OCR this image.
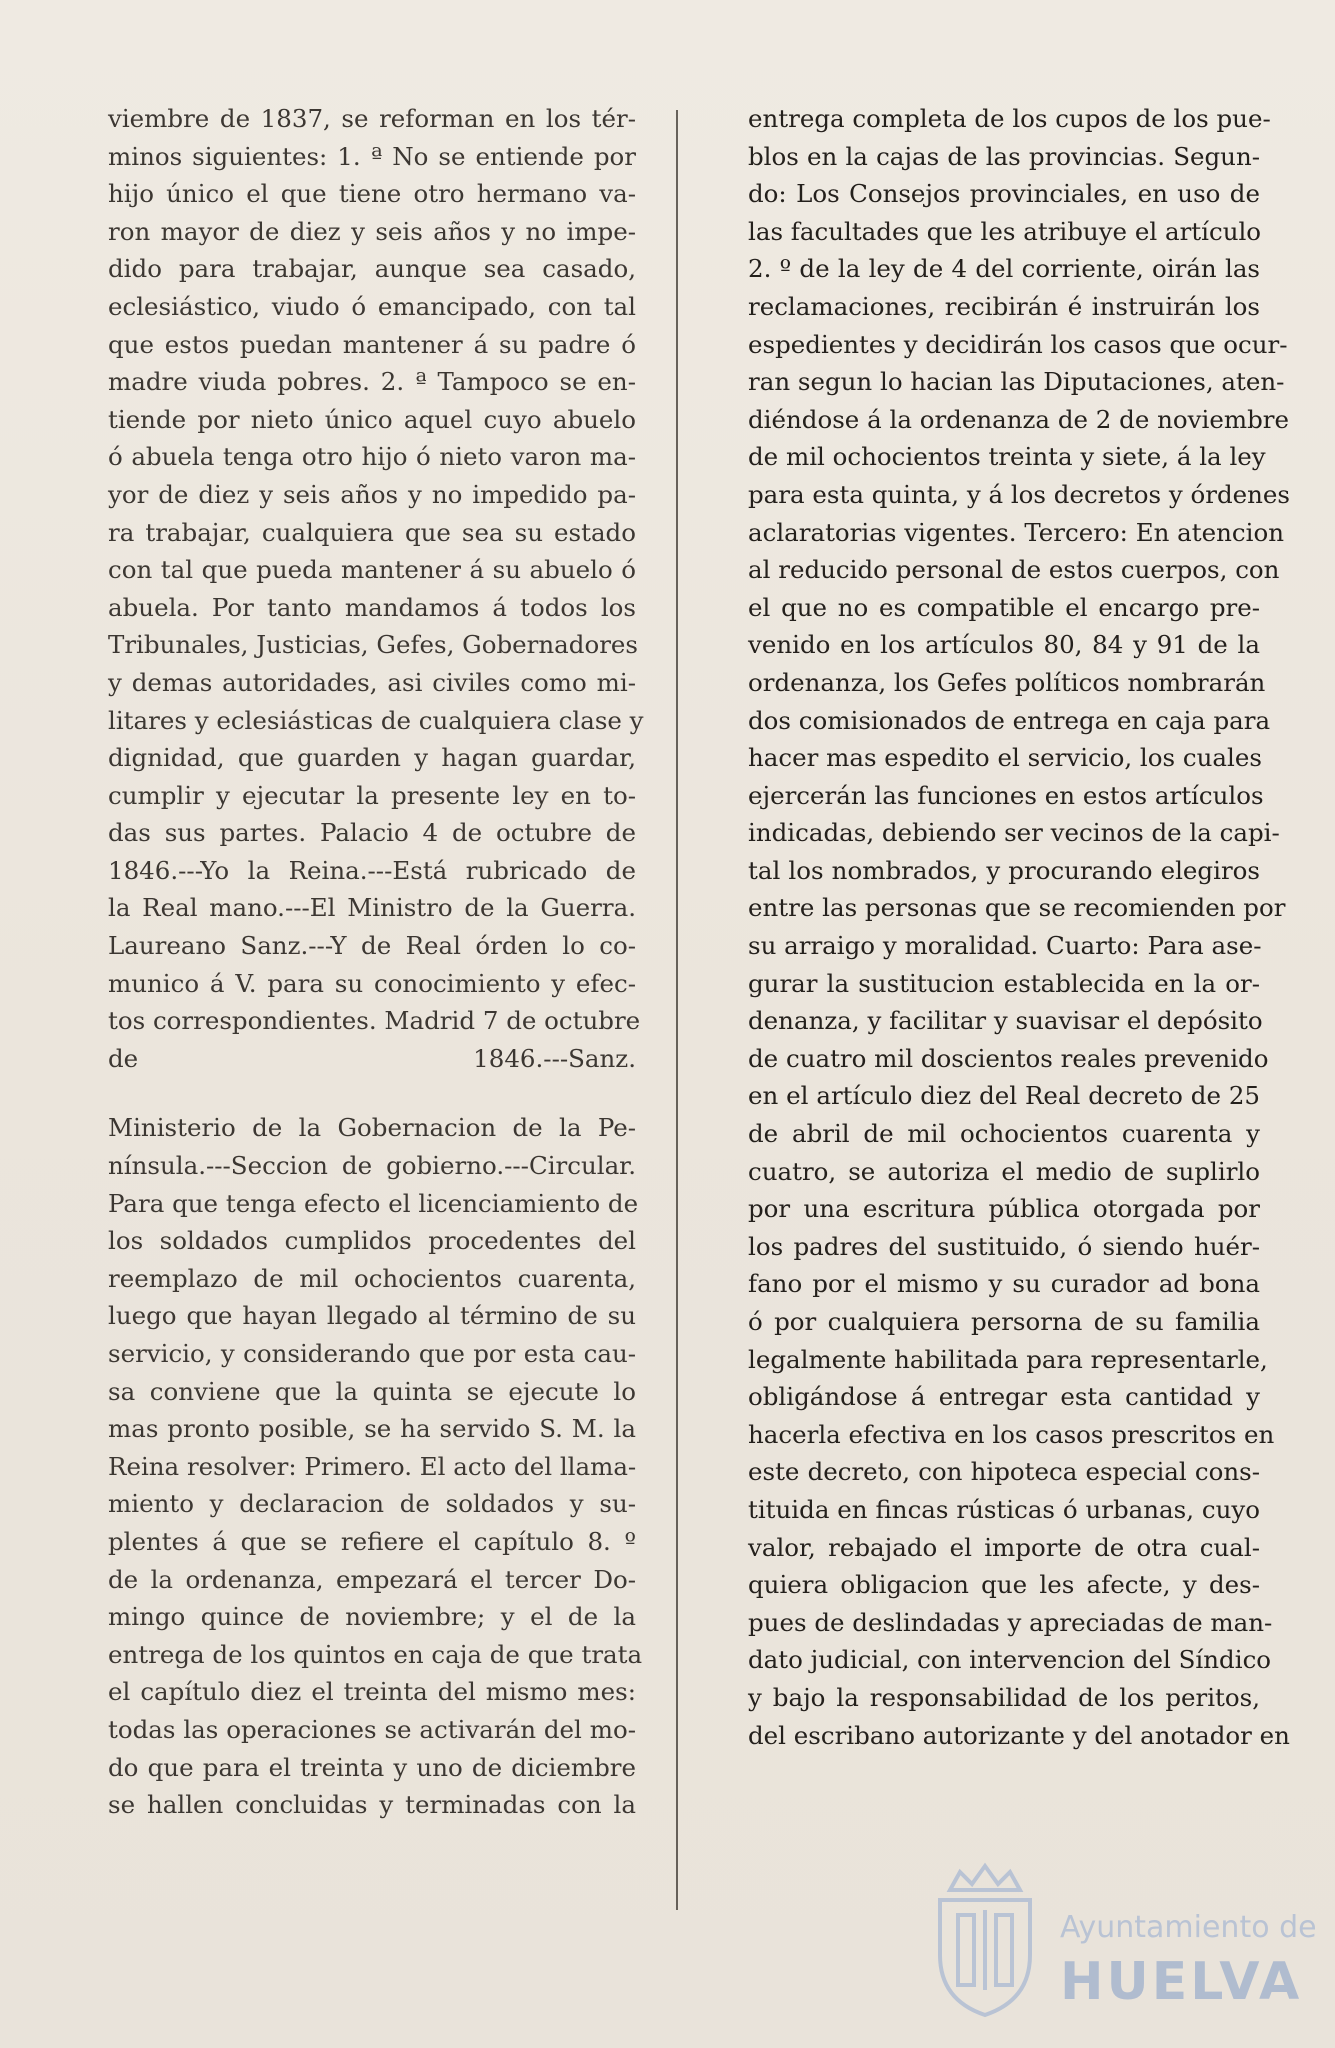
viembre de 1837, se reforman en los tér-

minos siguientes: 1. ª No se entiende por

hijo único el que tiene otro hermano va-

ron mayor de diez y seis años y no impe-

dido para trabajar, aunque sea casado,

eclesiástico, viudo ó emancipado, con tal

que estos puedan mantener á su padre ó

madre viuda pobres. 2. ª Tampoco se en-

tiende por nieto único aquel cuyo abuelo

ó abuela tenga otro hijo ó nieto varon ma-

yor de diez y seis años y no impedido pa-

ra trabajar, cualquiera que sea su estado

con tal que pueda mantener á su abuelo ó

abuela. Por tanto mandamos á todos los

Tribunales, Justicias, Gefes, Gobernadores

y demas autoridades, asi civiles como mi-

litares y eclesiásticas de cualquiera clase y

dignidad, que guarden y hagan guardar,

cumplir y ejecutar la presente ley en to-

das sus partes. Palacio 4 de octubre de

1846.---Yo la Reina.---Está rubricado de

la Real mano.---El Ministro de la Guerra.

Laureano Sanz.---Y de Real órden lo co-

munico á V. para su conocimiento y efec-

tos correspondientes. Madrid 7 de octubre

de 1846.---Sanz.

Ministerio de la Gobernacion de la Pe-

nínsula.---Seccion de gobierno.---Circular.

Para que tenga efecto el licenciamiento de

los soldados cumplidos procedentes del

reemplazo de mil ochocientos cuarenta,

luego que hayan llegado al término de su

servicio, y considerando que por esta cau-

sa conviene que la quinta se ejecute lo

mas pronto posible, se ha servido S. M. la

Reina resolver: Primero. El acto del llama-

miento y declaracion de soldados y su-

plentes á que se refiere el capítulo 8. º

de la ordenanza, empezará el tercer Do-

mingo quince de noviembre; y el de la

entrega de los quintos en caja de que trata

el capítulo diez el treinta del mismo mes:

todas las operaciones se activarán del mo-

do que para el treinta y uno de diciembre

se hallen concluidas y terminadas con la

entrega completa de los cupos de los pue-

blos en la cajas de las provincias. Segun-

do: Los Consejos provinciales, en uso de

las facultades que les atribuye el artículo

2. º de la ley de 4 del corriente, oirán las

reclamaciones, recibirán é instruirán los

espedientes y decidirán los casos que ocur-

ran segun lo hacian las Diputaciones, aten-

diéndose á la ordenanza de 2 de noviembre

de mil ochocientos treinta y siete, á la ley

para esta quinta, y á los decretos y órdenes

aclaratorias vigentes. Tercero: En atencion

al reducido personal de estos cuerpos, con

el que no es compatible el encargo pre-

venido en los artículos 80, 84 y 91 de la

ordenanza, los Gefes políticos nombrarán

dos comisionados de entrega en caja para

hacer mas espedito el servicio, los cuales

ejercerán las funciones en estos artículos

indicadas, debiendo ser vecinos de la capi-

tal los nombrados, y procurando elegiros

entre las personas que se recomienden por

su arraigo y moralidad. Cuarto: Para ase-

gurar la sustitucion establecida en la or-

denanza, y facilitar y suavisar el depósito

de cuatro mil doscientos reales prevenido

en el artículo diez del Real decreto de 25

de abril de mil ochocientos cuarenta y

cuatro, se autoriza el medio de suplirlo

por una escritura pública otorgada por

los padres del sustituido, ó siendo huér-

fano por el mismo y su curador ad bona

ó por cualquiera persorna de su familia

legalmente habilitada para representarle,

obligándose á entregar esta cantidad y

hacerla efectiva en los casos prescritos en

este decreto, con hipoteca especial cons-

tituida en fincas rústicas ó urbanas, cuyo

valor, rebajado el importe de otra cual-

quiera obligacion que les afecte, y des-

pues de deslindadas y apreciadas de man-

dato judicial, con intervencion del Síndico

y bajo la responsabilidad de los peritos,

del escribano autorizante y del anotador en

Ayuntamiento de
HUELVA
